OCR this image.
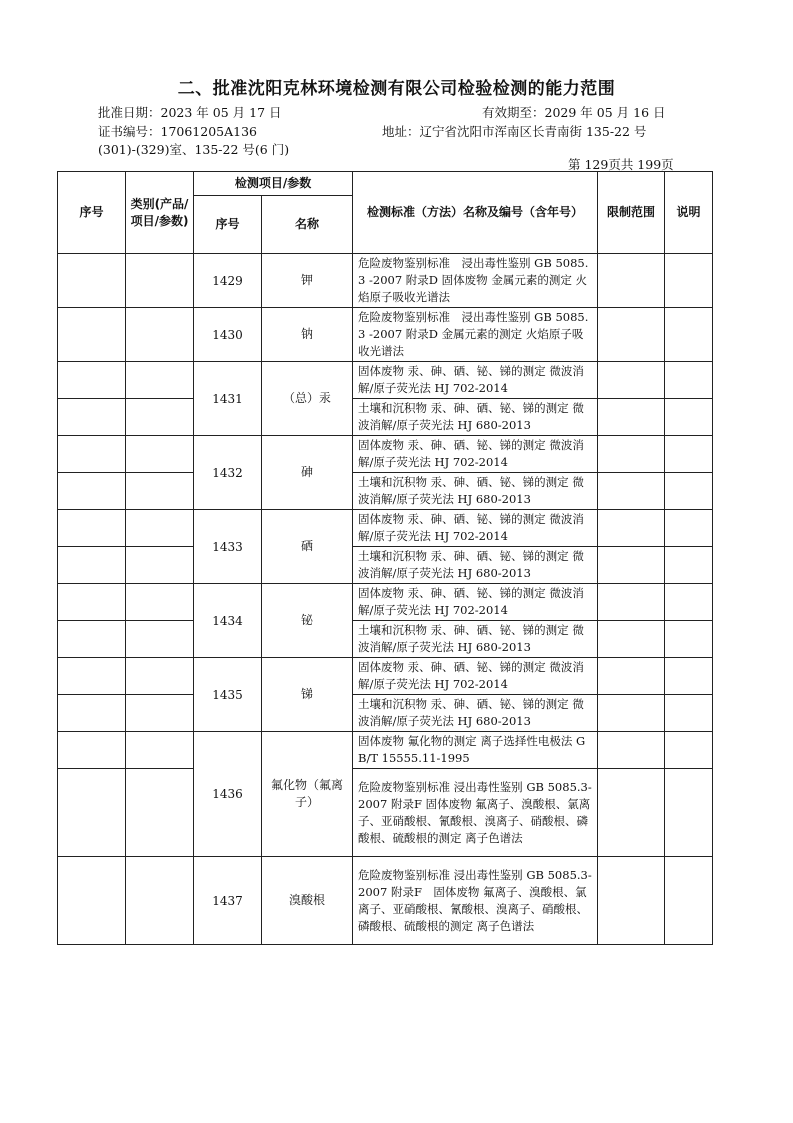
二、批准沈阳克林环境检测有限公司检验检测的能力范围
批准日期：2023 年 05 月 17 日	有效期至：2029 年 05 月 16 日
证书编号：17061205A136	地址：辽宁省沈阳市浑南区长青南街 135-22 号
(301)-(329)室、135-22 号(6 门)
第 129页共 199页
序号	类别(产品/项目/参数)	检测项目/参数		检测标准（方法）名称及编号（含年号）	限制范围	说明
		序号	名称			
		1429	钾	危险废物鉴别标准　浸出毒性鉴别 GB 5085.3 -2007 附录D 固体废物 金属元素的测定 火焰原子吸收光谱法		
		1430	钠	危险废物鉴别标准　浸出毒性鉴别 GB 5085.3 -2007 附录D 金属元素的测定 火焰原子吸收光谱法		
		1431	（总）汞	固体废物 汞、砷、硒、铋、锑的测定 微波消解/原子荧光法 HJ 702-2014		
				土壤和沉积物 汞、砷、硒、铋、锑的测定 微波消解/原子荧光法 HJ 680-2013		
		1432	砷	固体废物 汞、砷、硒、铋、锑的测定 微波消解/原子荧光法 HJ 702-2014		
				土壤和沉积物 汞、砷、硒、铋、锑的测定 微波消解/原子荧光法 HJ 680-2013		
		1433	硒	固体废物 汞、砷、硒、铋、锑的测定 微波消解/原子荧光法 HJ 702-2014		
				土壤和沉积物 汞、砷、硒、铋、锑的测定 微波消解/原子荧光法 HJ 680-2013		
		1434	铋	固体废物 汞、砷、硒、铋、锑的测定 微波消解/原子荧光法 HJ 702-2014		
				土壤和沉积物 汞、砷、硒、铋、锑的测定 微波消解/原子荧光法 HJ 680-2013		
		1435	锑	固体废物 汞、砷、硒、铋、锑的测定 微波消解/原子荧光法 HJ 702-2014		
				土壤和沉积物 汞、砷、硒、铋、锑的测定 微波消解/原子荧光法 HJ 680-2013		
		1436	氟化物（氟离子）	固体废物 氟化物的测定 离子选择性电极法 GB/T 15555.11-1995		
				危险废物鉴别标准 浸出毒性鉴别 GB 5085.3-2007 附录F 固体废物 氟离子、溴酸根、氯离子、亚硝酸根、氰酸根、溴离子、硝酸根、磷酸根、硫酸根的测定 离子色谱法		
		1437	溴酸根	危险废物鉴别标准 浸出毒性鉴别 GB 5085.3-2007 附录F　固体废物 氟离子、溴酸根、氯离子、亚硝酸根、氰酸根、溴离子、硝酸根、磷酸根、硫酸根的测定 离子色谱法		
